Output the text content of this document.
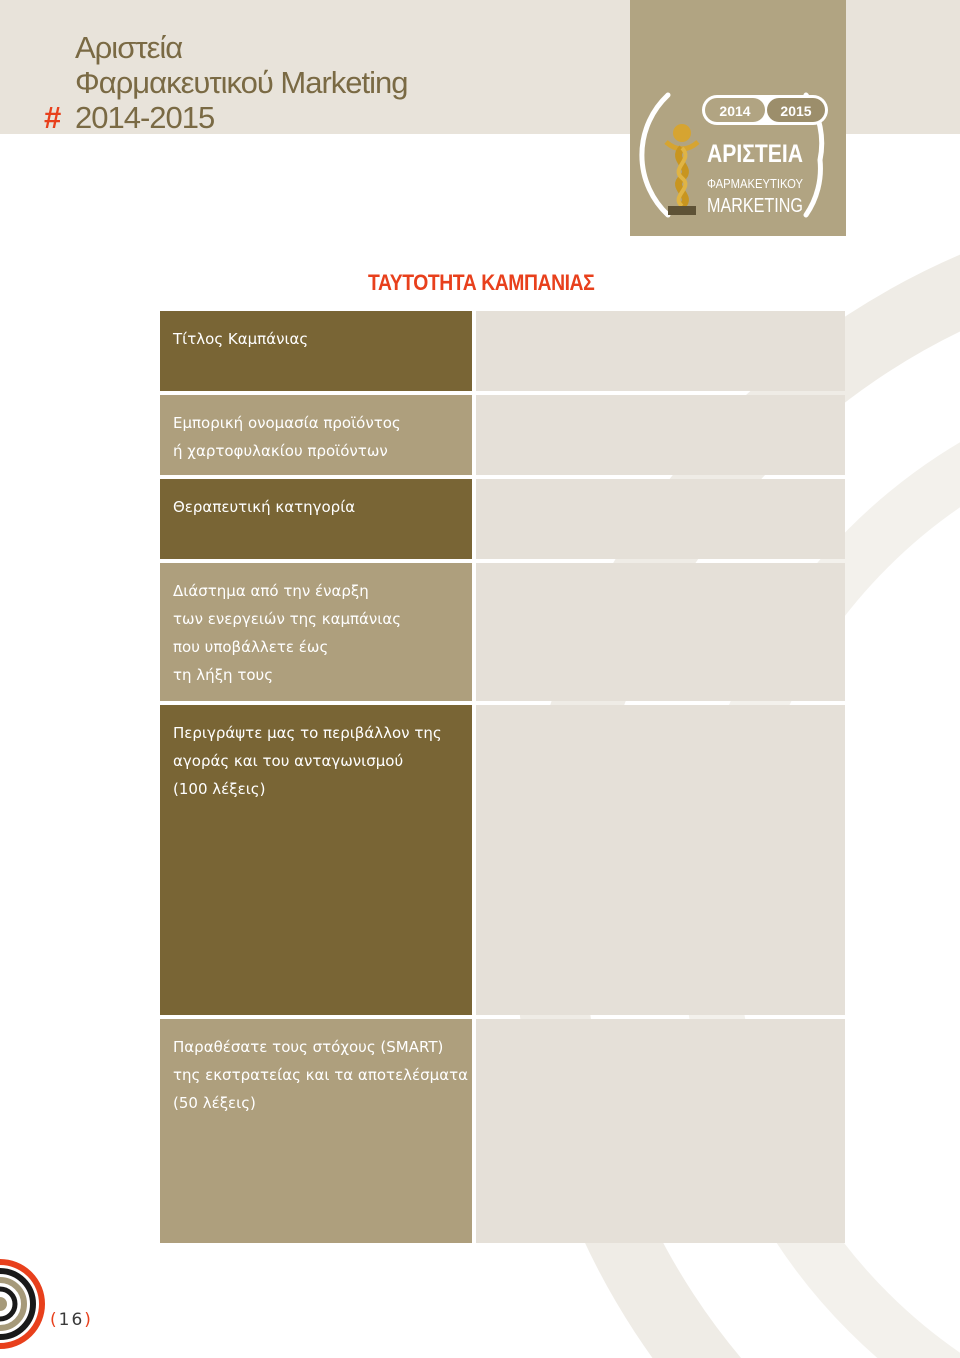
Αριστεία
Φαρμακευτικού Marketing
# 2014-2015	2014 2015
ΑΡΙΣΤΕΙΑ
ΦΑΡΜΑΚΕΥΤΙΚΟΥ
MARKETING
ΤΑΥΤΟΤΗΤΑ ΚΑΜΠΑΝΙΑΣ
Τίτλος Καμπάνιας
Εμπορική ονομασία προϊόντος
ή χαρτοφυλακίου προϊόντων
Θεραπευτική κατηγορία
Διάστημα από την έναρξη
των ενεργειών της καμπάνιας
που υποβάλλετε έως
τη λήξη τους
Περιγράψτε μας το περιβάλλον της
αγοράς και του ανταγωνισμού
(100 λέξεις)
Παραθέσατε τους στόχους (SMART)
της εκστρατείας και τα αποτελέσματα
(50 λέξεις)
(16)
